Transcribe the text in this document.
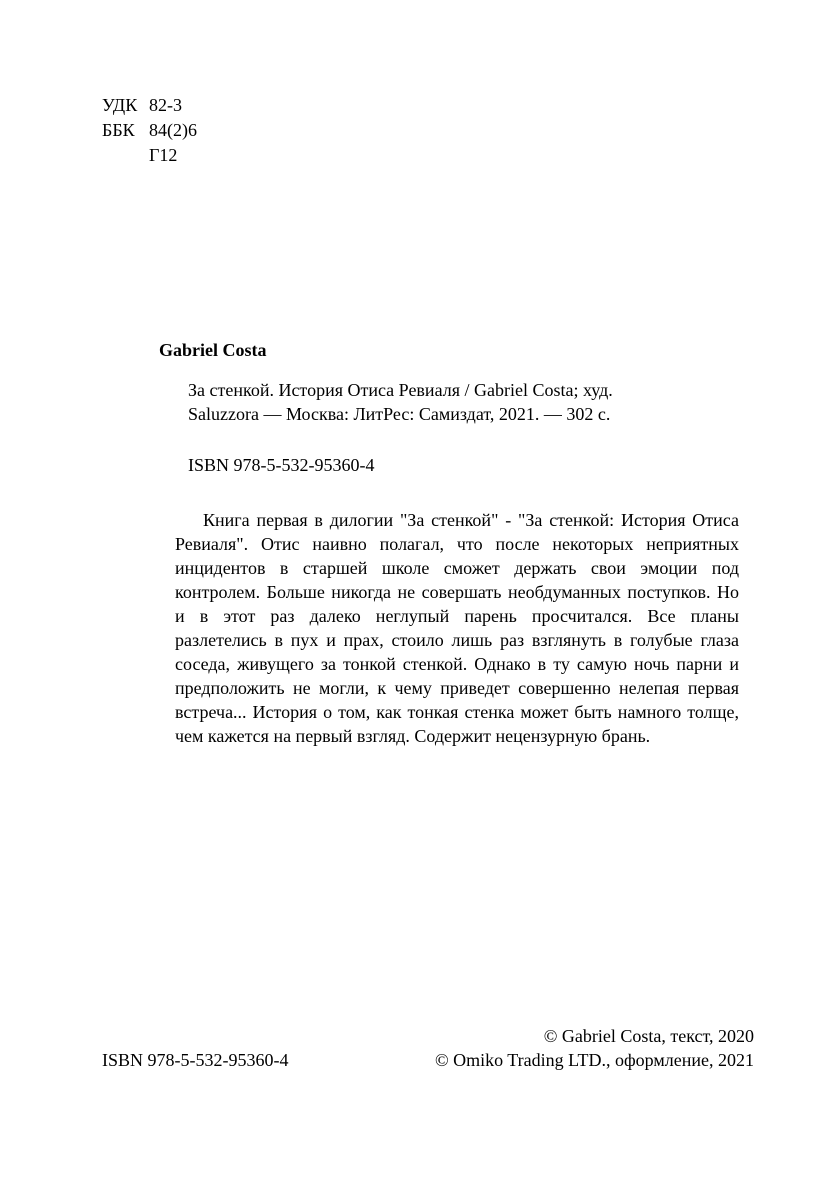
УДК 82-3
ББК 84(2)6
Г12
Gabriel Costa
За стенкой. История Отиса Ревиаля / Gabriel Costa; худ.
Saluzzora — Москва: ЛитРес: Самиздат, 2021. — 302 с.
ISBN 978-5-532-95360-4
Книга первая в дилогии "За стенкой" - "За стенкой: История Отиса Ревиаля". Отис наивно полагал, что после некоторых неприятных инцидентов в старшей школе сможет держать свои эмоции под контролем. Больше никогда не совершать необдуманных поступков. Но и в этот раз далеко неглупый парень просчитался. Все планы разлетелись в пух и прах, стоило лишь раз взглянуть в голубые глаза соседа, живущего за тонкой стенкой. Однако в ту самую ночь парни и предположить не могли, к чему приведет совершенно нелепая первая встреча... История о том, как тонкая стенка может быть намного толще, чем кажется на первый взгляд. Содержит нецензурную брань.
ISBN 978-5-532-95360-4
© Gabriel Costa, текст, 2020
© Omiko Trading LTD., оформление, 2021
